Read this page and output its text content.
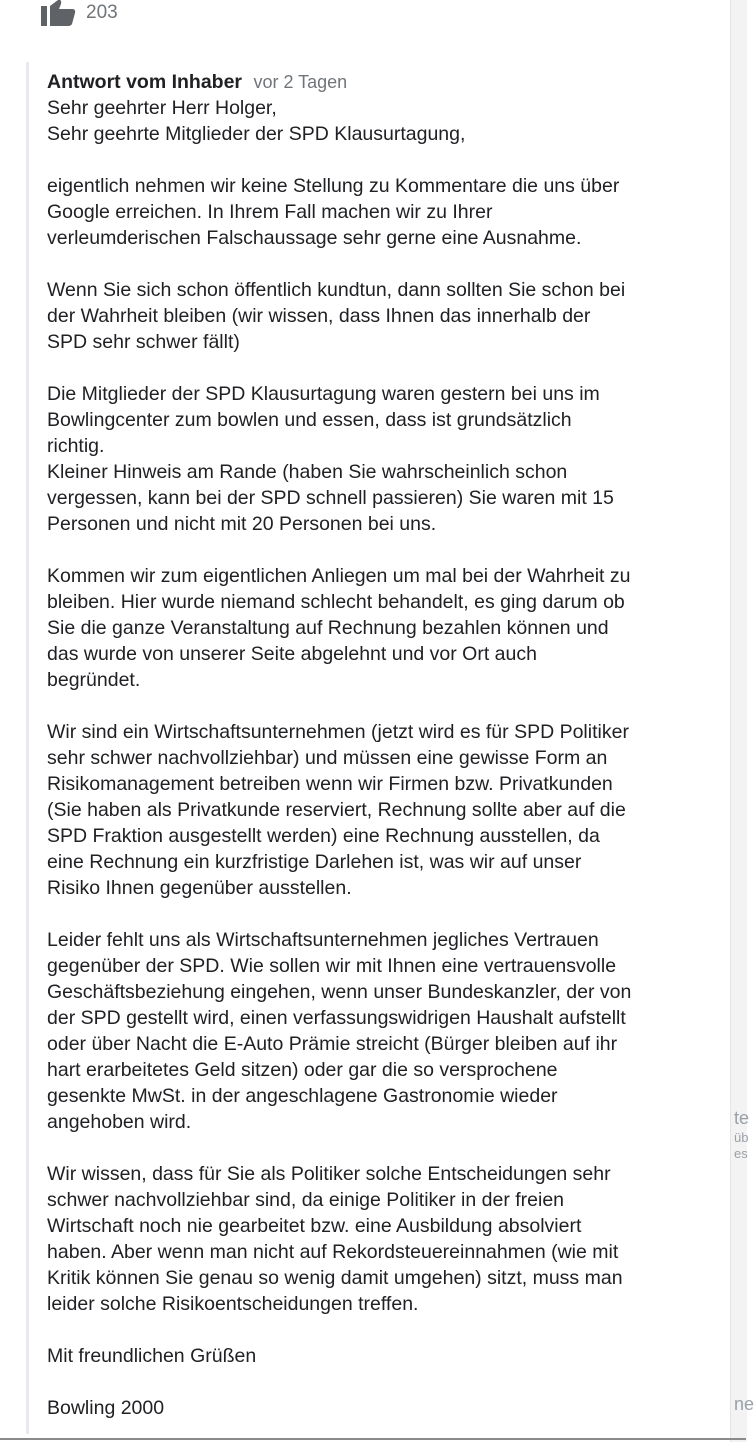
te
üb
es
ne
203
Antwort vom Inhaber vor 2 Tagen
Sehr geehrter Herr Holger,
Sehr geehrte Mitglieder der SPD Klausurtagung,
eigentlich nehmen wir keine Stellung zu Kommentare die uns über
Google erreichen. In Ihrem Fall machen wir zu Ihrer
verleumderischen Falschaussage sehr gerne eine Ausnahme.
Wenn Sie sich schon öffentlich kundtun, dann sollten Sie schon bei
der Wahrheit bleiben (wir wissen, dass Ihnen das innerhalb der
SPD sehr schwer fällt)
Die Mitglieder der SPD Klausurtagung waren gestern bei uns im
Bowlingcenter zum bowlen und essen, dass ist grundsätzlich
richtig.
Kleiner Hinweis am Rande (haben Sie wahrscheinlich schon
vergessen, kann bei der SPD schnell passieren) Sie waren mit 15
Personen und nicht mit 20 Personen bei uns.
Kommen wir zum eigentlichen Anliegen um mal bei der Wahrheit zu
bleiben. Hier wurde niemand schlecht behandelt, es ging darum ob
Sie die ganze Veranstaltung auf Rechnung bezahlen können und
das wurde von unserer Seite abgelehnt und vor Ort auch
begründet.
Wir sind ein Wirtschaftsunternehmen (jetzt wird es für SPD Politiker
sehr schwer nachvollziehbar) und müssen eine gewisse Form an
Risikomanagement betreiben wenn wir Firmen bzw. Privatkunden
(Sie haben als Privatkunde reserviert, Rechnung sollte aber auf die
SPD Fraktion ausgestellt werden) eine Rechnung ausstellen, da
eine Rechnung ein kurzfristige Darlehen ist, was wir auf unser
Risiko Ihnen gegenüber ausstellen.
Leider fehlt uns als Wirtschaftsunternehmen jegliches Vertrauen
gegenüber der SPD. Wie sollen wir mit Ihnen eine vertrauensvolle
Geschäftsbeziehung eingehen, wenn unser Bundeskanzler, der von
der SPD gestellt wird, einen verfassungswidrigen Haushalt aufstellt
oder über Nacht die E-Auto Prämie streicht (Bürger bleiben auf ihr
hart erarbeitetes Geld sitzen) oder gar die so versprochene
gesenkte MwSt. in der angeschlagene Gastronomie wieder
angehoben wird.
Wir wissen, dass für Sie als Politiker solche Entscheidungen sehr
schwer nachvollziehbar sind, da einige Politiker in der freien
Wirtschaft noch nie gearbeitet bzw. eine Ausbildung absolviert
haben. Aber wenn man nicht auf Rekordsteuereinnahmen (wie mit
Kritik können Sie genau so wenig damit umgehen) sitzt, muss man
leider solche Risikoentscheidungen treffen.
Mit freundlichen Grüßen
Bowling 2000
